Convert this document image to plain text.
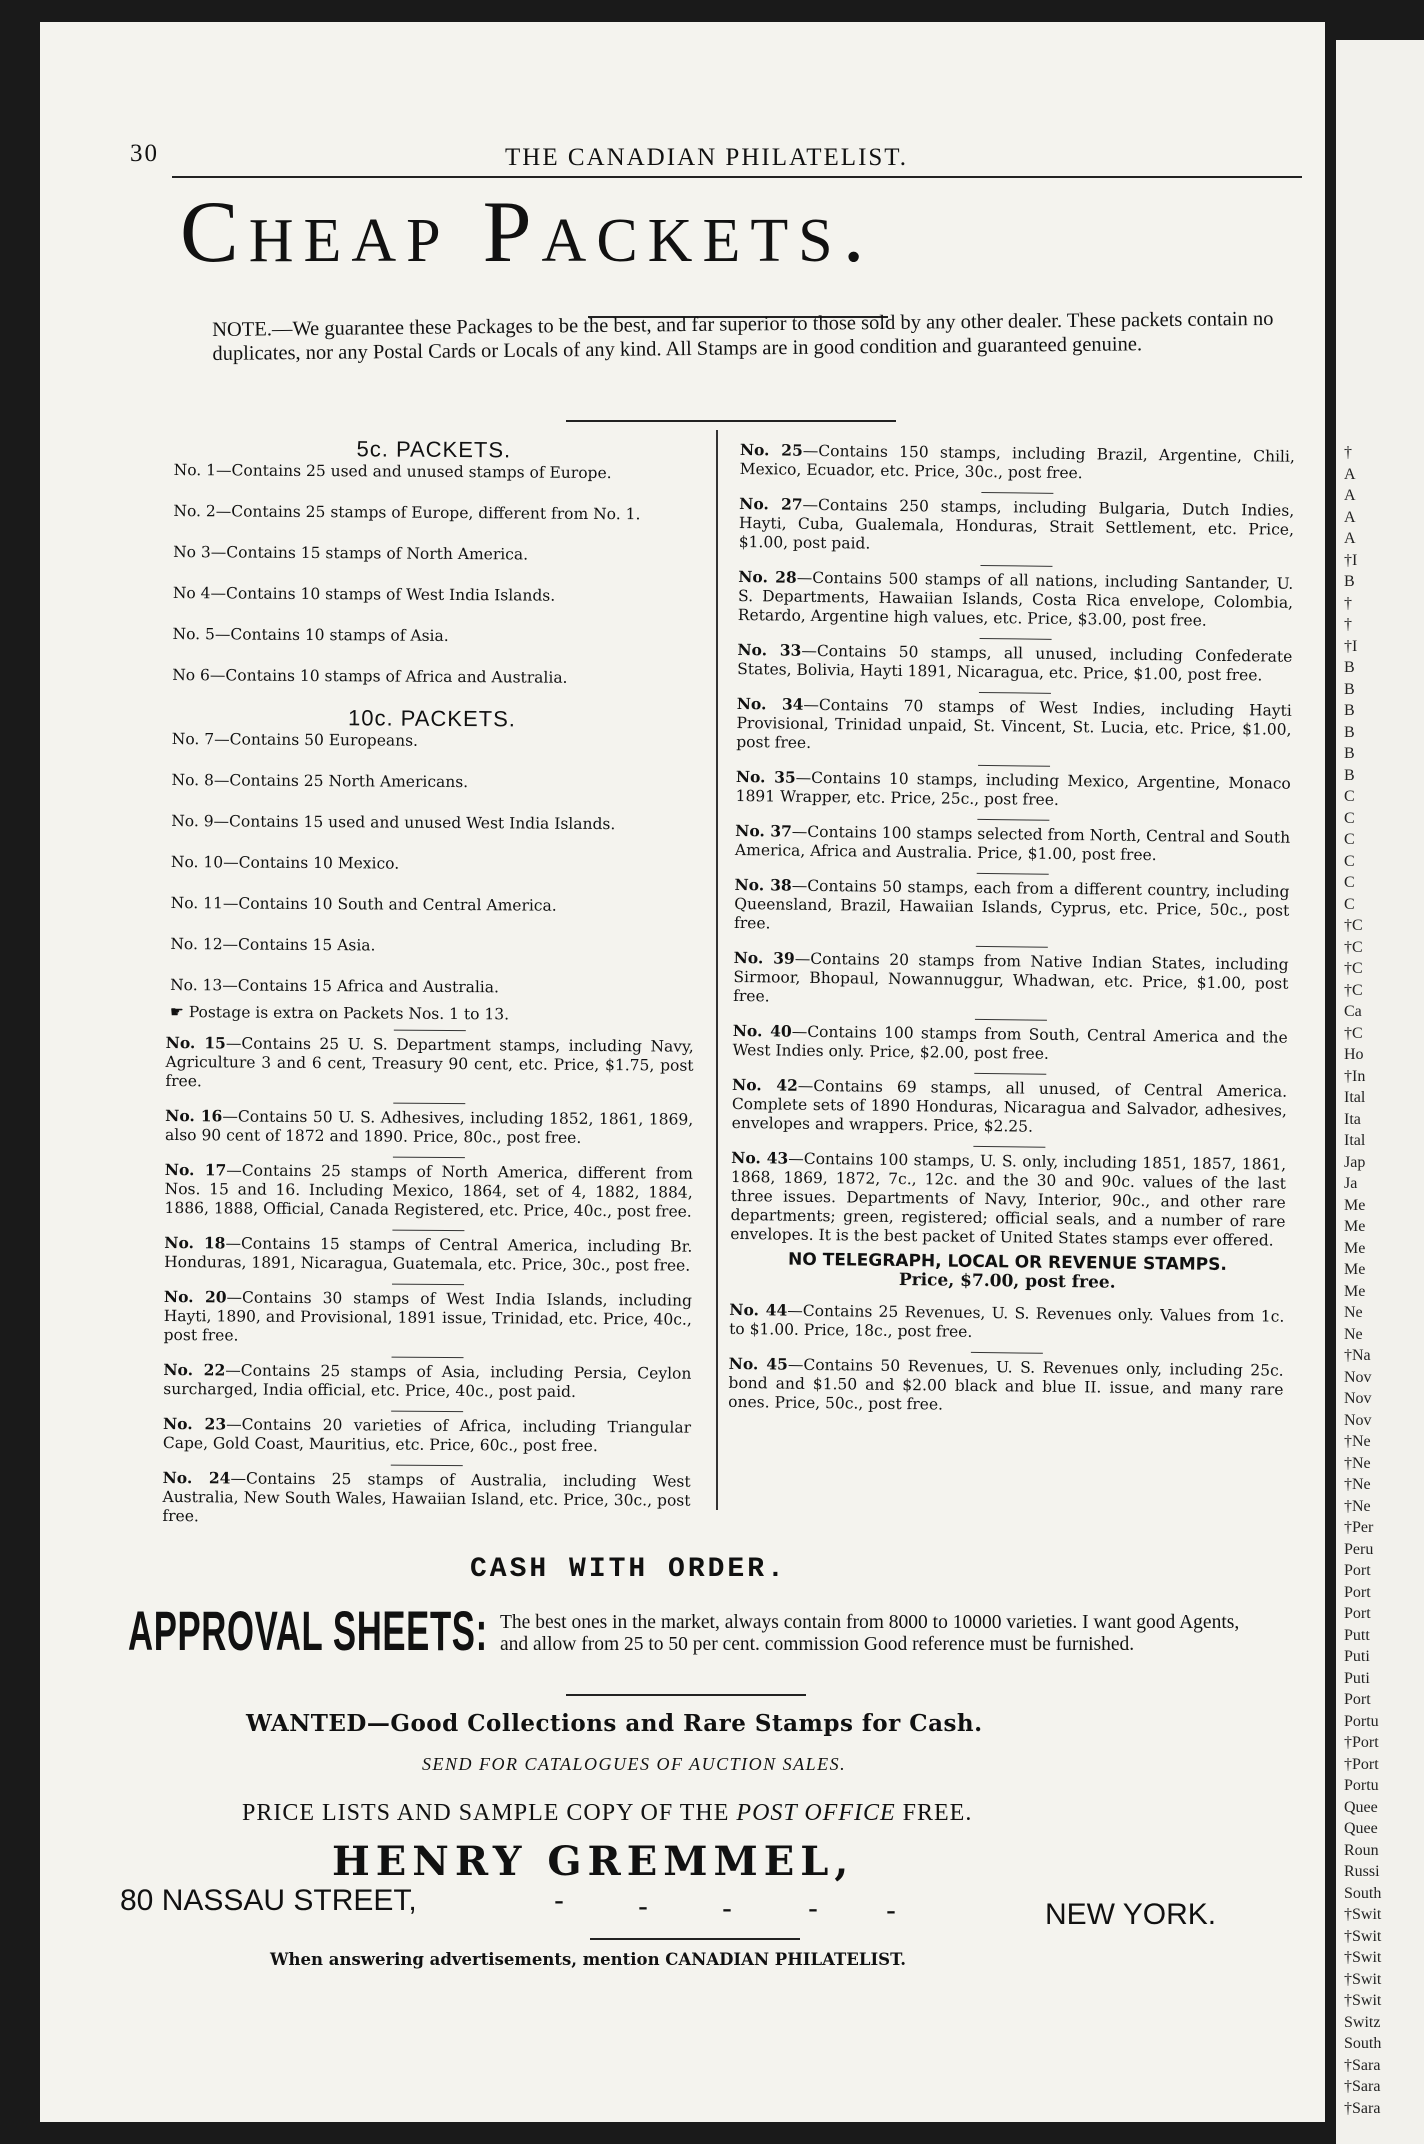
†
A
A
A
A
†I
B
†
†
†I
B
B
B
B
B
B
C
C
C
C
C
C
†C
†C
†C
†C
Ca
†C
Ho
†In
Ital
Ita
Ital
Jap
Ja
Me
Me
Me
Me
Me
Ne
Ne
†Na
Nov
Nov
Nov
†Ne
†Ne
†Ne
†Ne
†Per
Peru
Port
Port
Port
Putt
Puti
Puti
Port
Portu
†Port
†Port
Portu
Quee
Quee
Roun
Russi
South
†Swit
†Swit
†Swit
†Swit
†Swit
Switz
South
†Sara
†Sara
†Sara
30	THE CANADIAN PHILATELIST.
Cheap Packets.
NOTE.—We guarantee these Packages to be the best, and far superior to those sold by any other dealer. These packets contain no duplicates, nor any Postal Cards or Locals of any kind. All Stamps are in good condition and guaranteed genuine.
5c. PACKETS.
No. 1—Contains 25 used and unused stamps of Europe.
No. 2—Contains 25 stamps of Europe, different from No. 1.
No 3—Contains 15 stamps of North America.
No 4—Contains 10 stamps of West India Islands.
No. 5—Contains 10 stamps of Asia.
No 6—Contains 10 stamps of Africa and Australia.
10c. PACKETS.
No. 7—Contains 50 Europeans.
No. 8—Contains 25 North Americans.
No. 9—Contains 15 used and unused West India Islands.
No. 10—Contains 10 Mexico.
No. 11—Contains 10 South and Central America.
No. 12—Contains 15 Asia.
No. 13—Contains 15 Africa and Australia.
☛ Postage is extra on Packets Nos. 1 to 13.
No. 15—Contains 25 U. S. Department stamps, including Navy, Agriculture 3 and 6 cent, Treasury 90 cent, etc. Price, $1.75, post free.
No. 16—Contains 50 U. S. Adhesives, including 1852, 1861, 1869, also 90 cent of 1872 and 1890. Price, 80c., post free.
No. 17—Contains 25 stamps of North America, different from Nos. 15 and 16. Including Mexico, 1864, set of 4, 1882, 1884, 1886, 1888, Official, Canada Registered, etc. Price, 40c., post free.
No. 18—Contains 15 stamps of Central America, including Br. Honduras, 1891, Nicaragua, Guatemala, etc. Price, 30c., post free.
No. 20—Contains 30 stamps of West India Islands, including Hayti, 1890, and Provisional, 1891 issue, Trinidad, etc. Price, 40c., post free.
No. 22—Contains 25 stamps of Asia, including Persia, Ceylon surcharged, India official, etc. Price, 40c., post paid.
No. 23—Contains 20 varieties of Africa, including Triangular Cape, Gold Coast, Mauritius, etc. Price, 60c., post free.
No. 24—Contains 25 stamps of Australia, including West Australia, New South Wales, Hawaiian Island, etc. Price, 30c., post free.
No. 25—Contains 150 stamps, including Brazil, Argentine, Chili, Mexico, Ecuador, etc. Price, 30c., post free.
No. 27—Contains 250 stamps, including Bulgaria, Dutch Indies, Hayti, Cuba, Gualemala, Honduras, Strait Settlement, etc. Price, $1.00, post paid.
No. 28—Contains 500 stamps of all nations, including Santander, U. S. Departments, Hawaiian Islands, Costa Rica envelope, Colombia, Retardo, Argentine high values, etc. Price, $3.00, post free.
No. 33—Contains 50 stamps, all unused, including Confederate States, Bolivia, Hayti 1891, Nicaragua, etc. Price, $1.00, post free.
No. 34—Contains 70 stamps of West Indies, including Hayti Provisional, Trinidad unpaid, St. Vincent, St. Lucia, etc. Price, $1.00, post free.
No. 35—Contains 10 stamps, including Mexico, Argentine, Monaco 1891 Wrapper, etc. Price, 25c., post free.
No. 37—Contains 100 stamps selected from North, Central and South America, Africa and Australia. Price, $1.00, post free.
No. 38—Contains 50 stamps, each from a different country, including Queensland, Brazil, Hawaiian Islands, Cyprus, etc. Price, 50c., post free.
No. 39—Contains 20 stamps from Native Indian States, including Sirmoor, Bhopaul, Nowannuggur, Whadwan, etc. Price, $1.00, post free.
No. 40—Contains 100 stamps from South, Central America and the West Indies only. Price, $2.00, post free.
No. 42—Contains 69 stamps, all unused, of Central America. Complete sets of 1890 Honduras, Nicaragua and Salvador, adhesives, envelopes and wrappers. Price, $2.25.
No. 43—Contains 100 stamps, U. S. only, including 1851, 1857, 1861, 1868, 1869, 1872, 7c., 12c. and the 30 and 90c. values of the last three issues. Departments of Navy, Interior, 90c., and other rare departments; green, registered; official seals, and a number of rare envelopes. It is the best packet of United States stamps ever offered.
NO TELEGRAPH, LOCAL OR REVENUE STAMPS.
Price, $7.00, post free.
No. 44—Contains 25 Revenues, U. S. Revenues only. Values from 1c. to $1.00. Price, 18c., post free.
No. 45—Contains 50 Revenues, U. S. Revenues only, including 25c. bond and $1.50 and $2.00 black and blue II. issue, and many rare ones. Price, 50c., post free.
CASH WITH ORDER.
APPROVAL SHEETS: The best ones in the market, always contain from 8000 to 10000 varieties. I want good Agents, and allow from 25 to 50 per cent. commission Good reference must be furnished.
WANTED—Good Collections and Rare Stamps for Cash.
SEND FOR CATALOGUES OF AUCTION SALES.
PRICE LISTS AND SAMPLE COPY OF THE POST OFFICE FREE.
HENRY GREMMEL,
80 NASSAU STREET,	- - -	- -	NEW YORK.
When answering advertisements, mention CANADIAN PHILATELIST.
